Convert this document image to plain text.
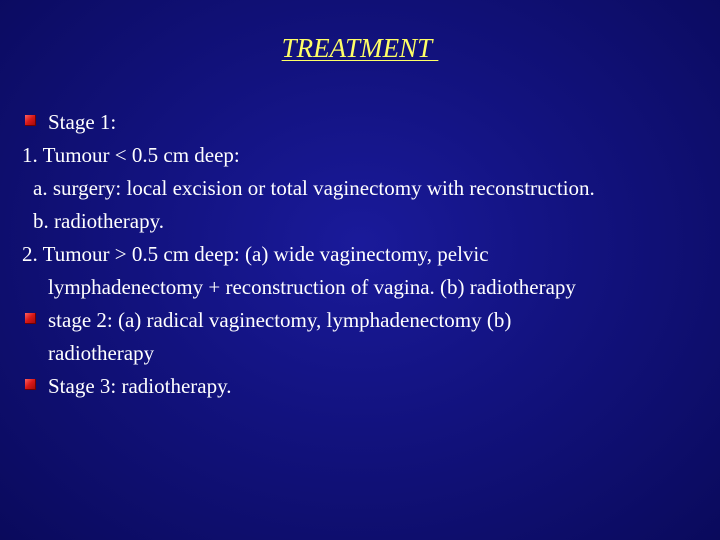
TREATMENT
Stage 1:
1. Tumour < 0.5 cm deep:
a. surgery: local excision or total vaginectomy with reconstruction.
b. radiotherapy.
2. Tumour > 0.5 cm deep: (a) wide vaginectomy, pelvic
lymphadenectomy + reconstruction of vagina. (b) radiotherapy
stage 2: (a) radical vaginectomy, lymphadenectomy (b)
radiotherapy
Stage 3: radiotherapy.
